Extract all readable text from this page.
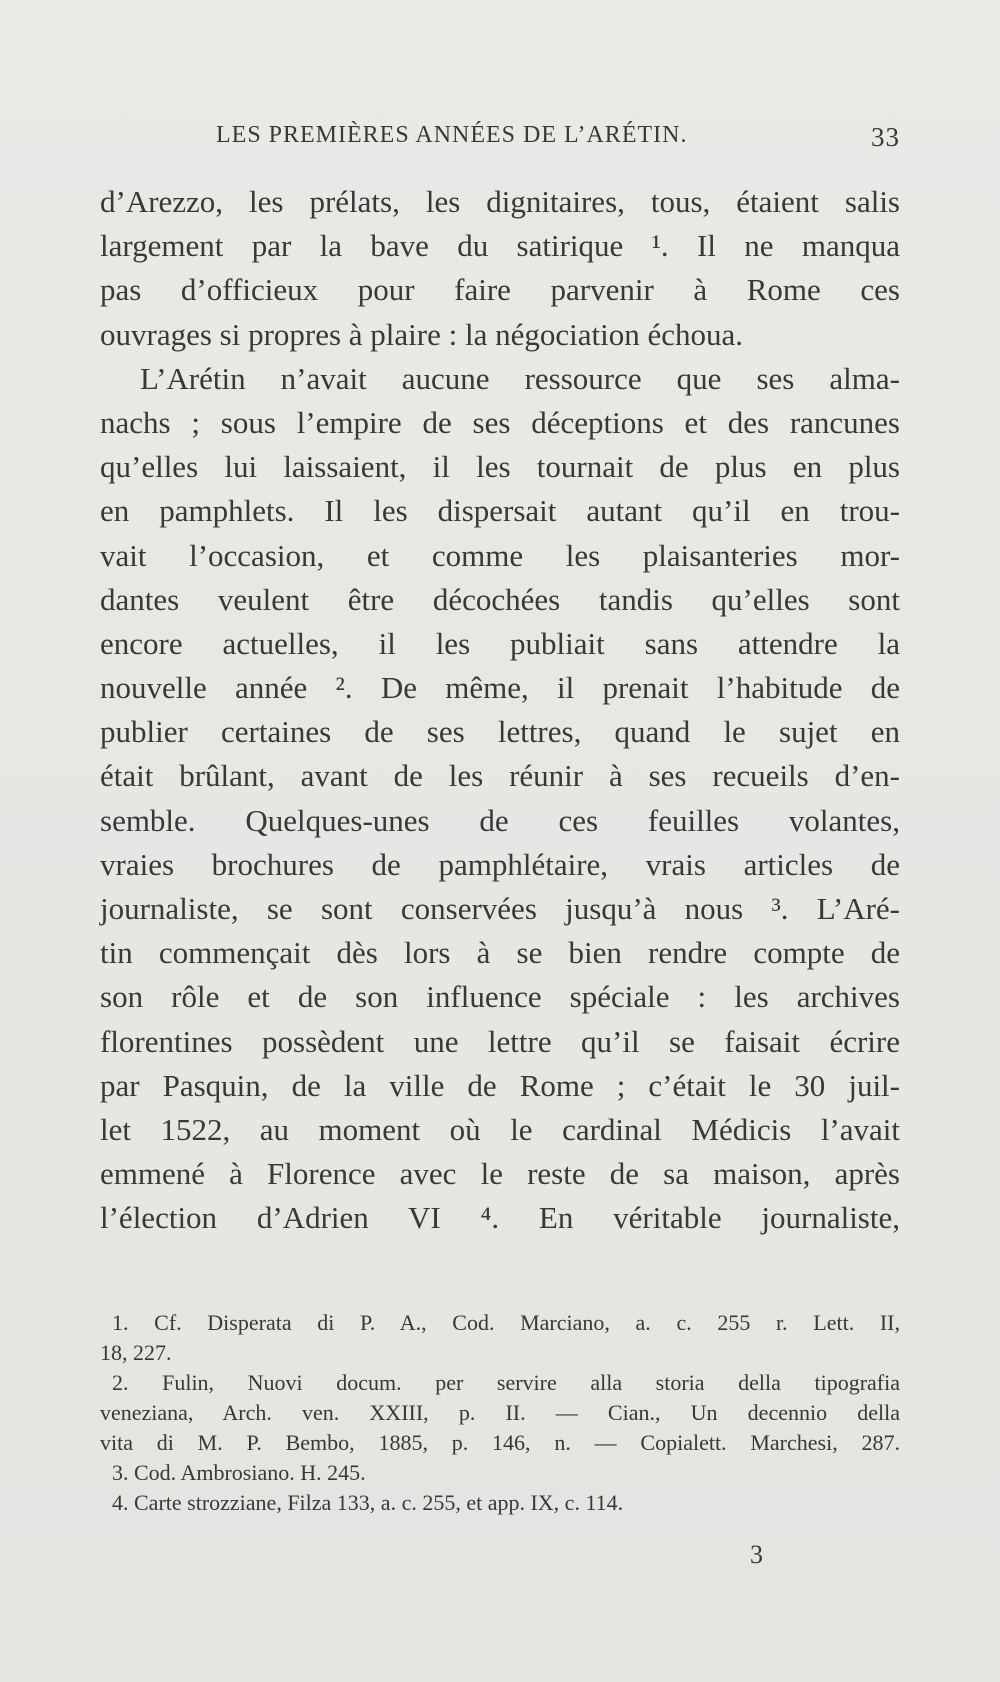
LES PREMIÈRES ANNÉES DE L’ARÉTIN.	33
d’Arezzo, les prélats, les dignitaires, tous, étaient salis
largement par la bave du satirique ¹. Il ne manqua
pas d’officieux pour faire parvenir à Rome ces
ouvrages si propres à plaire : la négociation échoua.
L’Arétin n’avait aucune ressource que ses alma-
nachs ; sous l’empire de ses déceptions et des rancunes
qu’elles lui laissaient, il les tournait de plus en plus
en pamphlets. Il les dispersait autant qu’il en trou-
vait l’occasion, et comme les plaisanteries mor-
dantes veulent être décochées tandis qu’elles sont
encore actuelles, il les publiait sans attendre la
nouvelle année ². De même, il prenait l’habitude de
publier certaines de ses lettres, quand le sujet en
était brûlant, avant de les réunir à ses recueils d’en-
semble. Quelques-unes de ces feuilles volantes,
vraies brochures de pamphlétaire, vrais articles de
journaliste, se sont conservées jusqu’à nous ³. L’Aré-
tin commençait dès lors à se bien rendre compte de
son rôle et de son influence spéciale : les archives
florentines possèdent une lettre qu’il se faisait écrire
par Pasquin, de la ville de Rome ; c’était le 30 juil-
let 1522, au moment où le cardinal Médicis l’avait
emmené à Florence avec le reste de sa maison, après
l’élection d’Adrien VI ⁴. En véritable journaliste,
1. Cf. Disperata di P. A., Cod. Marciano, a. c. 255 r. Lett. II,
18, 227.
2. Fulin, Nuovi docum. per servire alla storia della tipografia
veneziana, Arch. ven. XXIII, p. II. — Cian., Un decennio della
vita di M. P. Bembo, 1885, p. 146, n. — Copialett. Marchesi, 287.
3. Cod. Ambrosiano. H. 245.
4. Carte strozziane, Filza 133, a. c. 255, et app. IX, c. 114.
3
